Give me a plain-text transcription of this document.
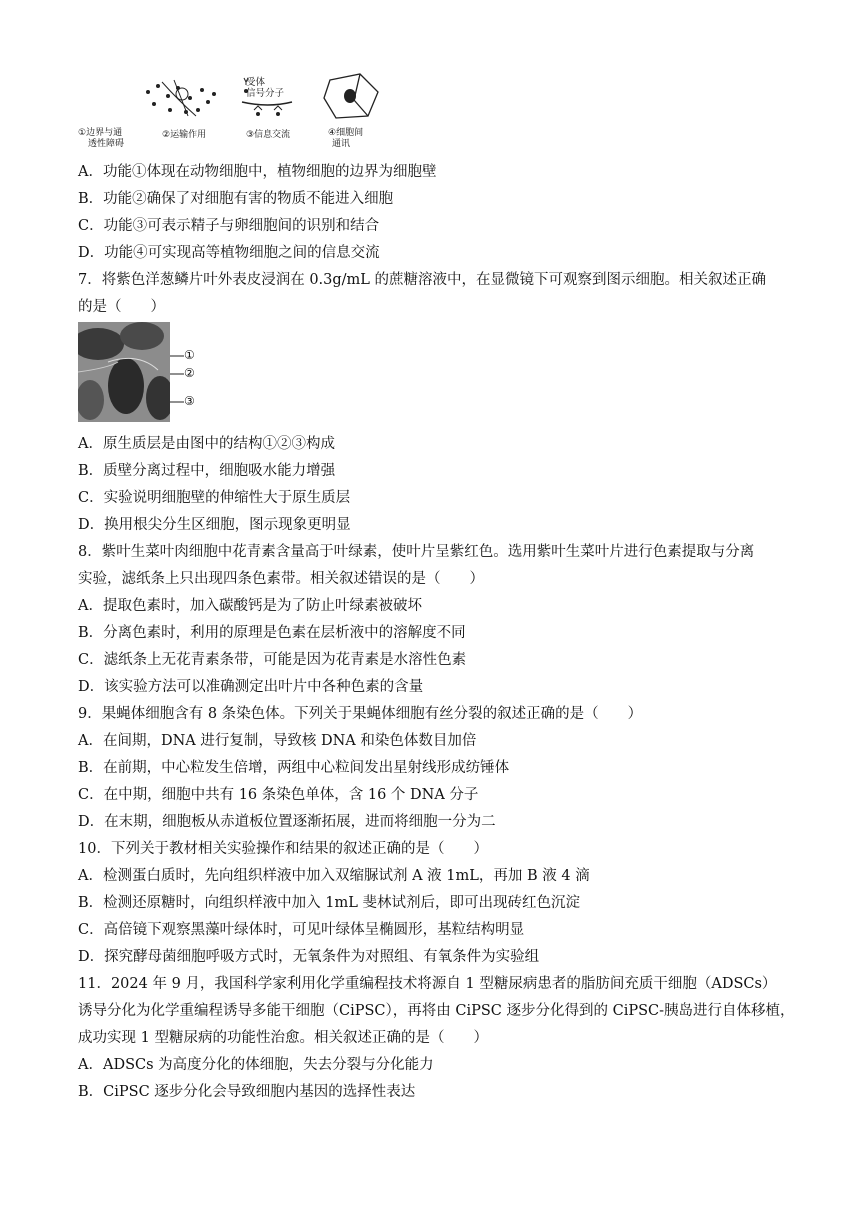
受体
信号分子
①边界与通
透性障碍
②运输作用	③信息交流	④细胞间
通讯
A．功能①体现在动物细胞中，植物细胞的边界为细胞壁
B．功能②确保了对细胞有害的物质不能进入细胞
C．功能③可表示精子与卵细胞间的识别和结合
D．功能④可实现高等植物细胞之间的信息交流
7．将紫色洋葱鳞片叶外表皮浸润在 0.3g/mL 的蔗糖溶液中，在显微镜下可观察到图示细胞。相关叙述正确
的是（　　）
①
②
③
A．原生质层是由图中的结构①②③构成
B．质壁分离过程中，细胞吸水能力增强
C．实验说明细胞壁的伸缩性大于原生质层
D．换用根尖分生区细胞，图示现象更明显
8．紫叶生菜叶肉细胞中花青素含量高于叶绿素，使叶片呈紫红色。选用紫叶生菜叶片进行色素提取与分离
实验，滤纸条上只出现四条色素带。相关叙述错误的是（　　）
A．提取色素时，加入碳酸钙是为了防止叶绿素被破坏
B．分离色素时，利用的原理是色素在层析液中的溶解度不同
C．滤纸条上无花青素条带，可能是因为花青素是水溶性色素
D．该实验方法可以准确测定出叶片中各种色素的含量
9．果蝇体细胞含有 8 条染色体。下列关于果蝇体细胞有丝分裂的叙述正确的是（　　）
A．在间期，DNA 进行复制，导致核 DNA 和染色体数目加倍
B．在前期，中心粒发生倍增，两组中心粒间发出星射线形成纺锤体
C．在中期，细胞中共有 16 条染色单体，含 16 个 DNA 分子
D．在末期，细胞板从赤道板位置逐渐拓展，进而将细胞一分为二
10．下列关于教材相关实验操作和结果的叙述正确的是（　　）
A．检测蛋白质时，先向组织样液中加入双缩脲试剂 A 液 1mL，再加 B 液 4 滴
B．检测还原糖时，向组织样液中加入 1mL 斐林试剂后，即可出现砖红色沉淀
C．高倍镜下观察黑藻叶绿体时，可见叶绿体呈椭圆形，基粒结构明显
D．探究酵母菌细胞呼吸方式时，无氧条件为对照组、有氧条件为实验组
11．2024 年 9 月，我国科学家利用化学重编程技术将源自 1 型糖尿病患者的脂肪间充质干细胞（ADSCs）
诱导分化为化学重编程诱导多能干细胞（CiPSC），再将由 CiPSC 逐步分化得到的 CiPSC-胰岛进行自体移植，
成功实现 1 型糖尿病的功能性治愈。相关叙述正确的是（　　）
A．ADSCs 为高度分化的体细胞，失去分裂与分化能力
B．CiPSC 逐步分化会导致细胞内基因的选择性表达
